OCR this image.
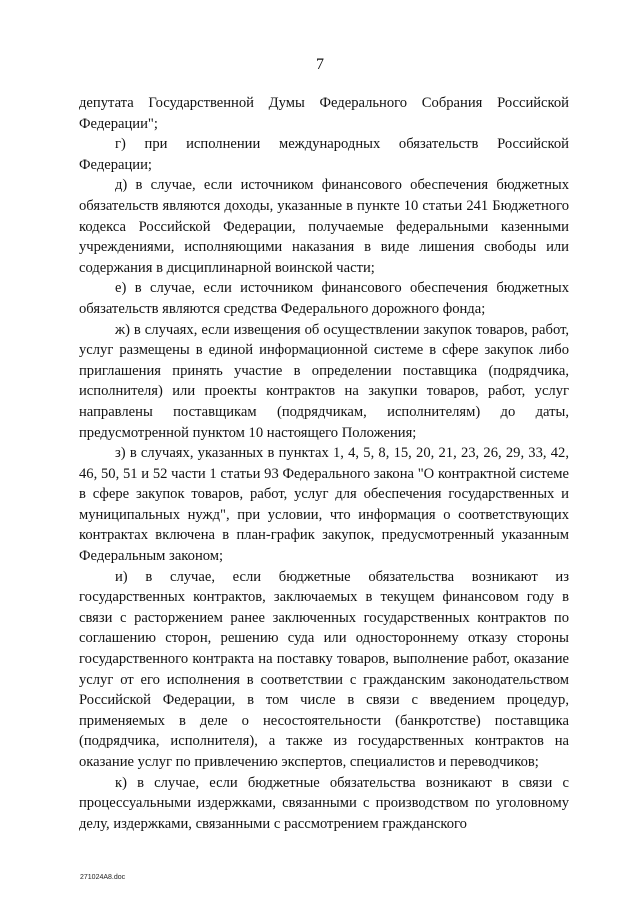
7

депутата Государственной Думы Федерального Собрания Российской Федерации";

г) при исполнении международных обязательств Российской Федерации;

д) в случае, если источником финансового обеспечения бюджетных обязательств являются доходы, указанные в пункте 10 статьи 241 Бюджетного кодекса Российской Федерации, получаемые федеральными казенными учреждениями, исполняющими наказания в виде лишения свободы или содержания в дисциплинарной воинской части;

е) в случае, если источником финансового обеспечения бюджетных обязательств являются средства Федерального дорожного фонда;

ж) в случаях, если извещения об осуществлении закупок товаров, работ, услуг размещены в единой информационной системе в сфере закупок либо приглашения принять участие в определении поставщика (подрядчика, исполнителя) или проекты контрактов на закупки товаров, работ, услуг направлены поставщикам (подрядчикам, исполнителям) до даты, предусмотренной пунктом 10 настоящего Положения;

з) в случаях, указанных в пунктах 1, 4, 5, 8, 15, 20, 21, 23, 26, 29, 33, 42, 46, 50, 51 и 52 части 1 статьи 93 Федерального закона "О контрактной системе в сфере закупок товаров, работ, услуг для обеспечения государственных и муниципальных нужд", при условии, что информация о соответствующих контрактах включена в план-график закупок, предусмотренный указанным Федеральным законом;

и) в случае, если бюджетные обязательства возникают из государственных контрактов, заключаемых в текущем финансовом году в связи с расторжением ранее заключенных государственных контрактов по соглашению сторон, решению суда или одностороннему отказу стороны государственного контракта на поставку товаров, выполнение работ, оказание услуг от его исполнения в соответствии с гражданским законодательством Российской Федерации, в том числе в связи с введением процедур, применяемых в деле о несостоятельности (банкротстве) поставщика (подрядчика, исполнителя), а также из государственных контрактов на оказание услуг по привлечению экспертов, специалистов и переводчиков;

к) в случае, если бюджетные обязательства возникают в связи с процессуальными издержками, связанными с производством по уголовному делу, издержками, связанными с рассмотрением гражданского

271024A8.doc
